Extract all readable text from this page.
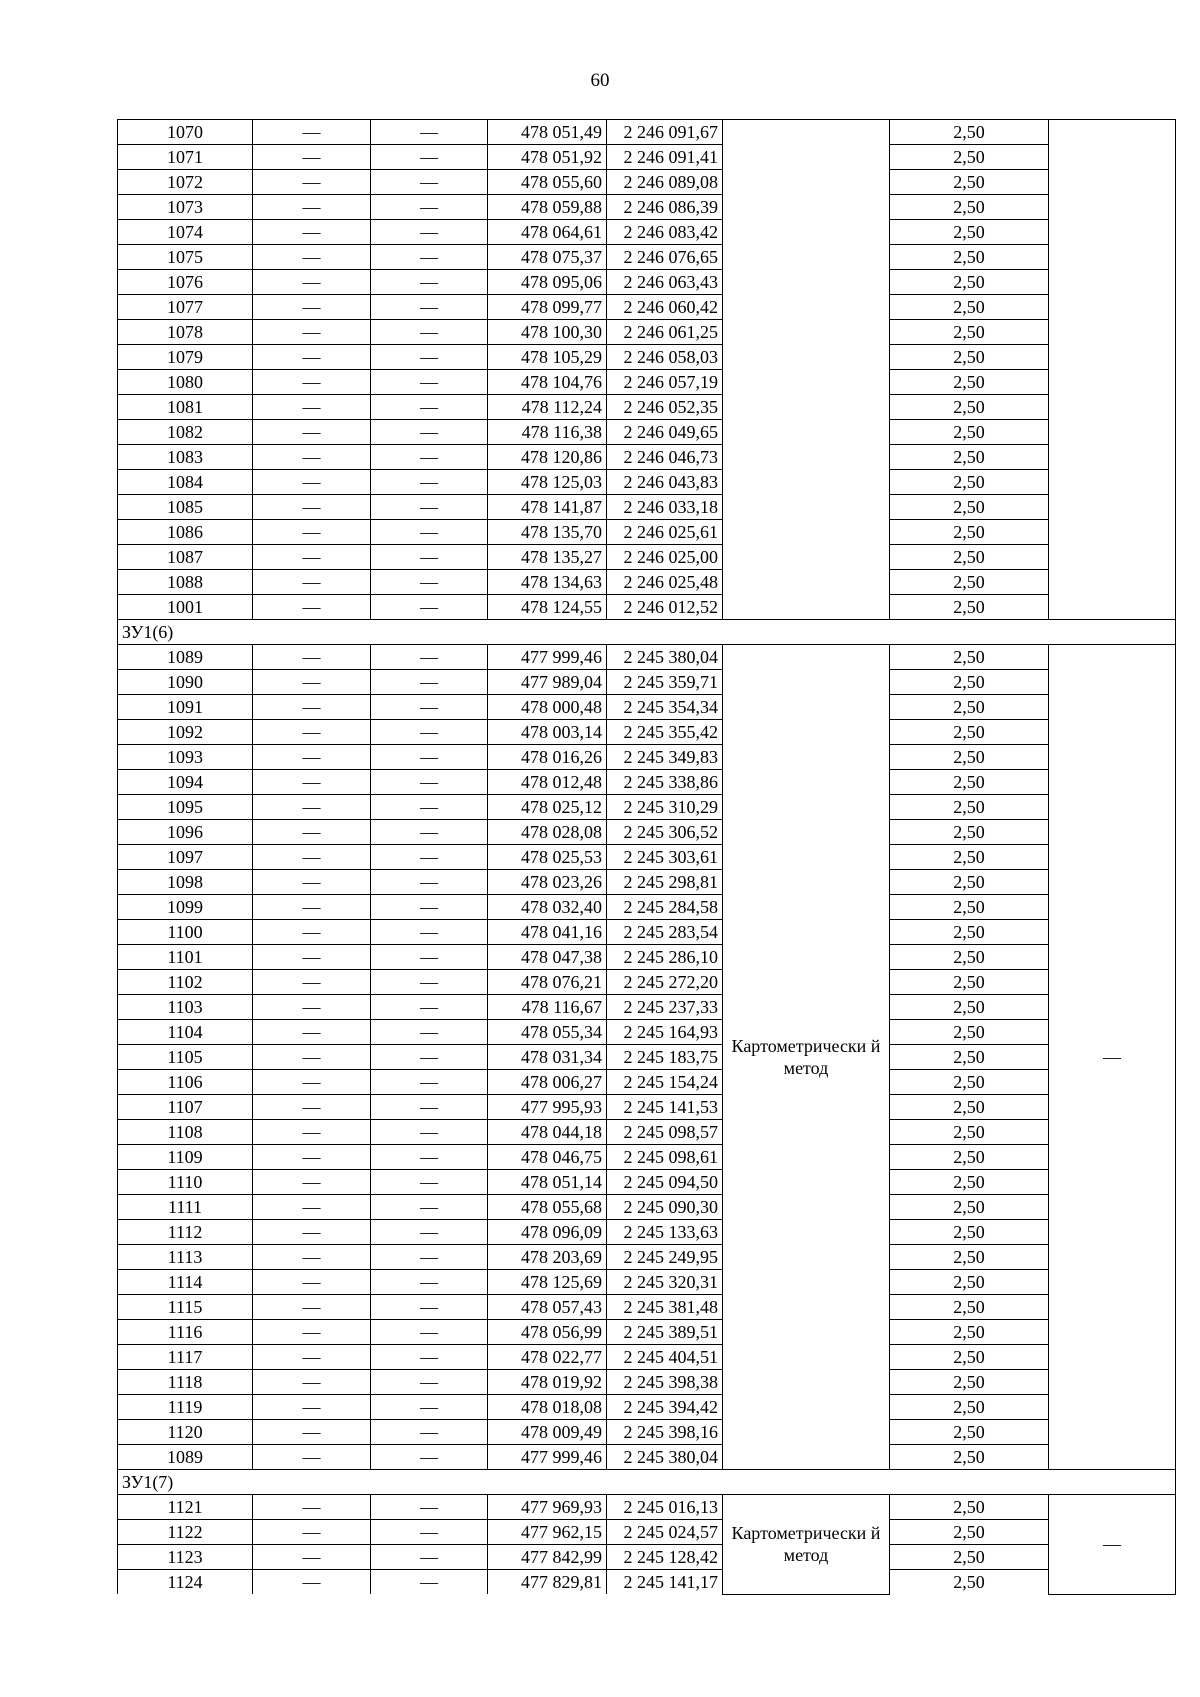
60
1070	—	—	478 051,49	2 246 091,67		2,50	
1071	—	—	478 051,92	2 246 091,41		2,50	
1072	—	—	478 055,60	2 246 089,08		2,50	
1073	—	—	478 059,88	2 246 086,39		2,50	
1074	—	—	478 064,61	2 246 083,42		2,50	
1075	—	—	478 075,37	2 246 076,65		2,50	
1076	—	—	478 095,06	2 246 063,43		2,50	
1077	—	—	478 099,77	2 246 060,42		2,50	
1078	—	—	478 100,30	2 246 061,25		2,50	
1079	—	—	478 105,29	2 246 058,03		2,50	
1080	—	—	478 104,76	2 246 057,19		2,50	
1081	—	—	478 112,24	2 246 052,35		2,50	
1082	—	—	478 116,38	2 246 049,65		2,50	
1083	—	—	478 120,86	2 246 046,73		2,50	
1084	—	—	478 125,03	2 246 043,83		2,50	
1085	—	—	478 141,87	2 246 033,18		2,50	
1086	—	—	478 135,70	2 246 025,61		2,50	
1087	—	—	478 135,27	2 246 025,00		2,50	
1088	—	—	478 134,63	2 246 025,48		2,50	
1001	—	—	478 124,55	2 246 012,52		2,50	
ЗУ1(6)							
1089	—	—	477 999,46	2 245 380,04	Картометрически й метод	2,50	—
1090	—	—	477 989,04	2 245 359,71		2,50	
1091	—	—	478 000,48	2 245 354,34		2,50	
1092	—	—	478 003,14	2 245 355,42		2,50	
1093	—	—	478 016,26	2 245 349,83		2,50	
1094	—	—	478 012,48	2 245 338,86		2,50	
1095	—	—	478 025,12	2 245 310,29		2,50	
1096	—	—	478 028,08	2 245 306,52		2,50	
1097	—	—	478 025,53	2 245 303,61		2,50	
1098	—	—	478 023,26	2 245 298,81		2,50	
1099	—	—	478 032,40	2 245 284,58		2,50	
1100	—	—	478 041,16	2 245 283,54		2,50	
1101	—	—	478 047,38	2 245 286,10		2,50	
1102	—	—	478 076,21	2 245 272,20		2,50	
1103	—	—	478 116,67	2 245 237,33		2,50	
1104	—	—	478 055,34	2 245 164,93		2,50	
1105	—	—	478 031,34	2 245 183,75		2,50	
1106	—	—	478 006,27	2 245 154,24		2,50	
1107	—	—	477 995,93	2 245 141,53		2,50	
1108	—	—	478 044,18	2 245 098,57		2,50	
1109	—	—	478 046,75	2 245 098,61		2,50	
1110	—	—	478 051,14	2 245 094,50		2,50	
1111	—	—	478 055,68	2 245 090,30		2,50	
1112	—	—	478 096,09	2 245 133,63		2,50	
1113	—	—	478 203,69	2 245 249,95		2,50	
1114	—	—	478 125,69	2 245 320,31		2,50	
1115	—	—	478 057,43	2 245 381,48		2,50	
1116	—	—	478 056,99	2 245 389,51		2,50	
1117	—	—	478 022,77	2 245 404,51		2,50	
1118	—	—	478 019,92	2 245 398,38		2,50	
1119	—	—	478 018,08	2 245 394,42		2,50	
1120	—	—	478 009,49	2 245 398,16		2,50	
1089	—	—	477 999,46	2 245 380,04		2,50	
ЗУ1(7)							
1121	—	—	477 969,93	2 245 016,13	Картометрически й метод	2,50	—
1122	—	—	477 962,15	2 245 024,57		2,50	
1123	—	—	477 842,99	2 245 128,42		2,50	
1124	—	—	477 829,81	2 245 141,17		2,50	
